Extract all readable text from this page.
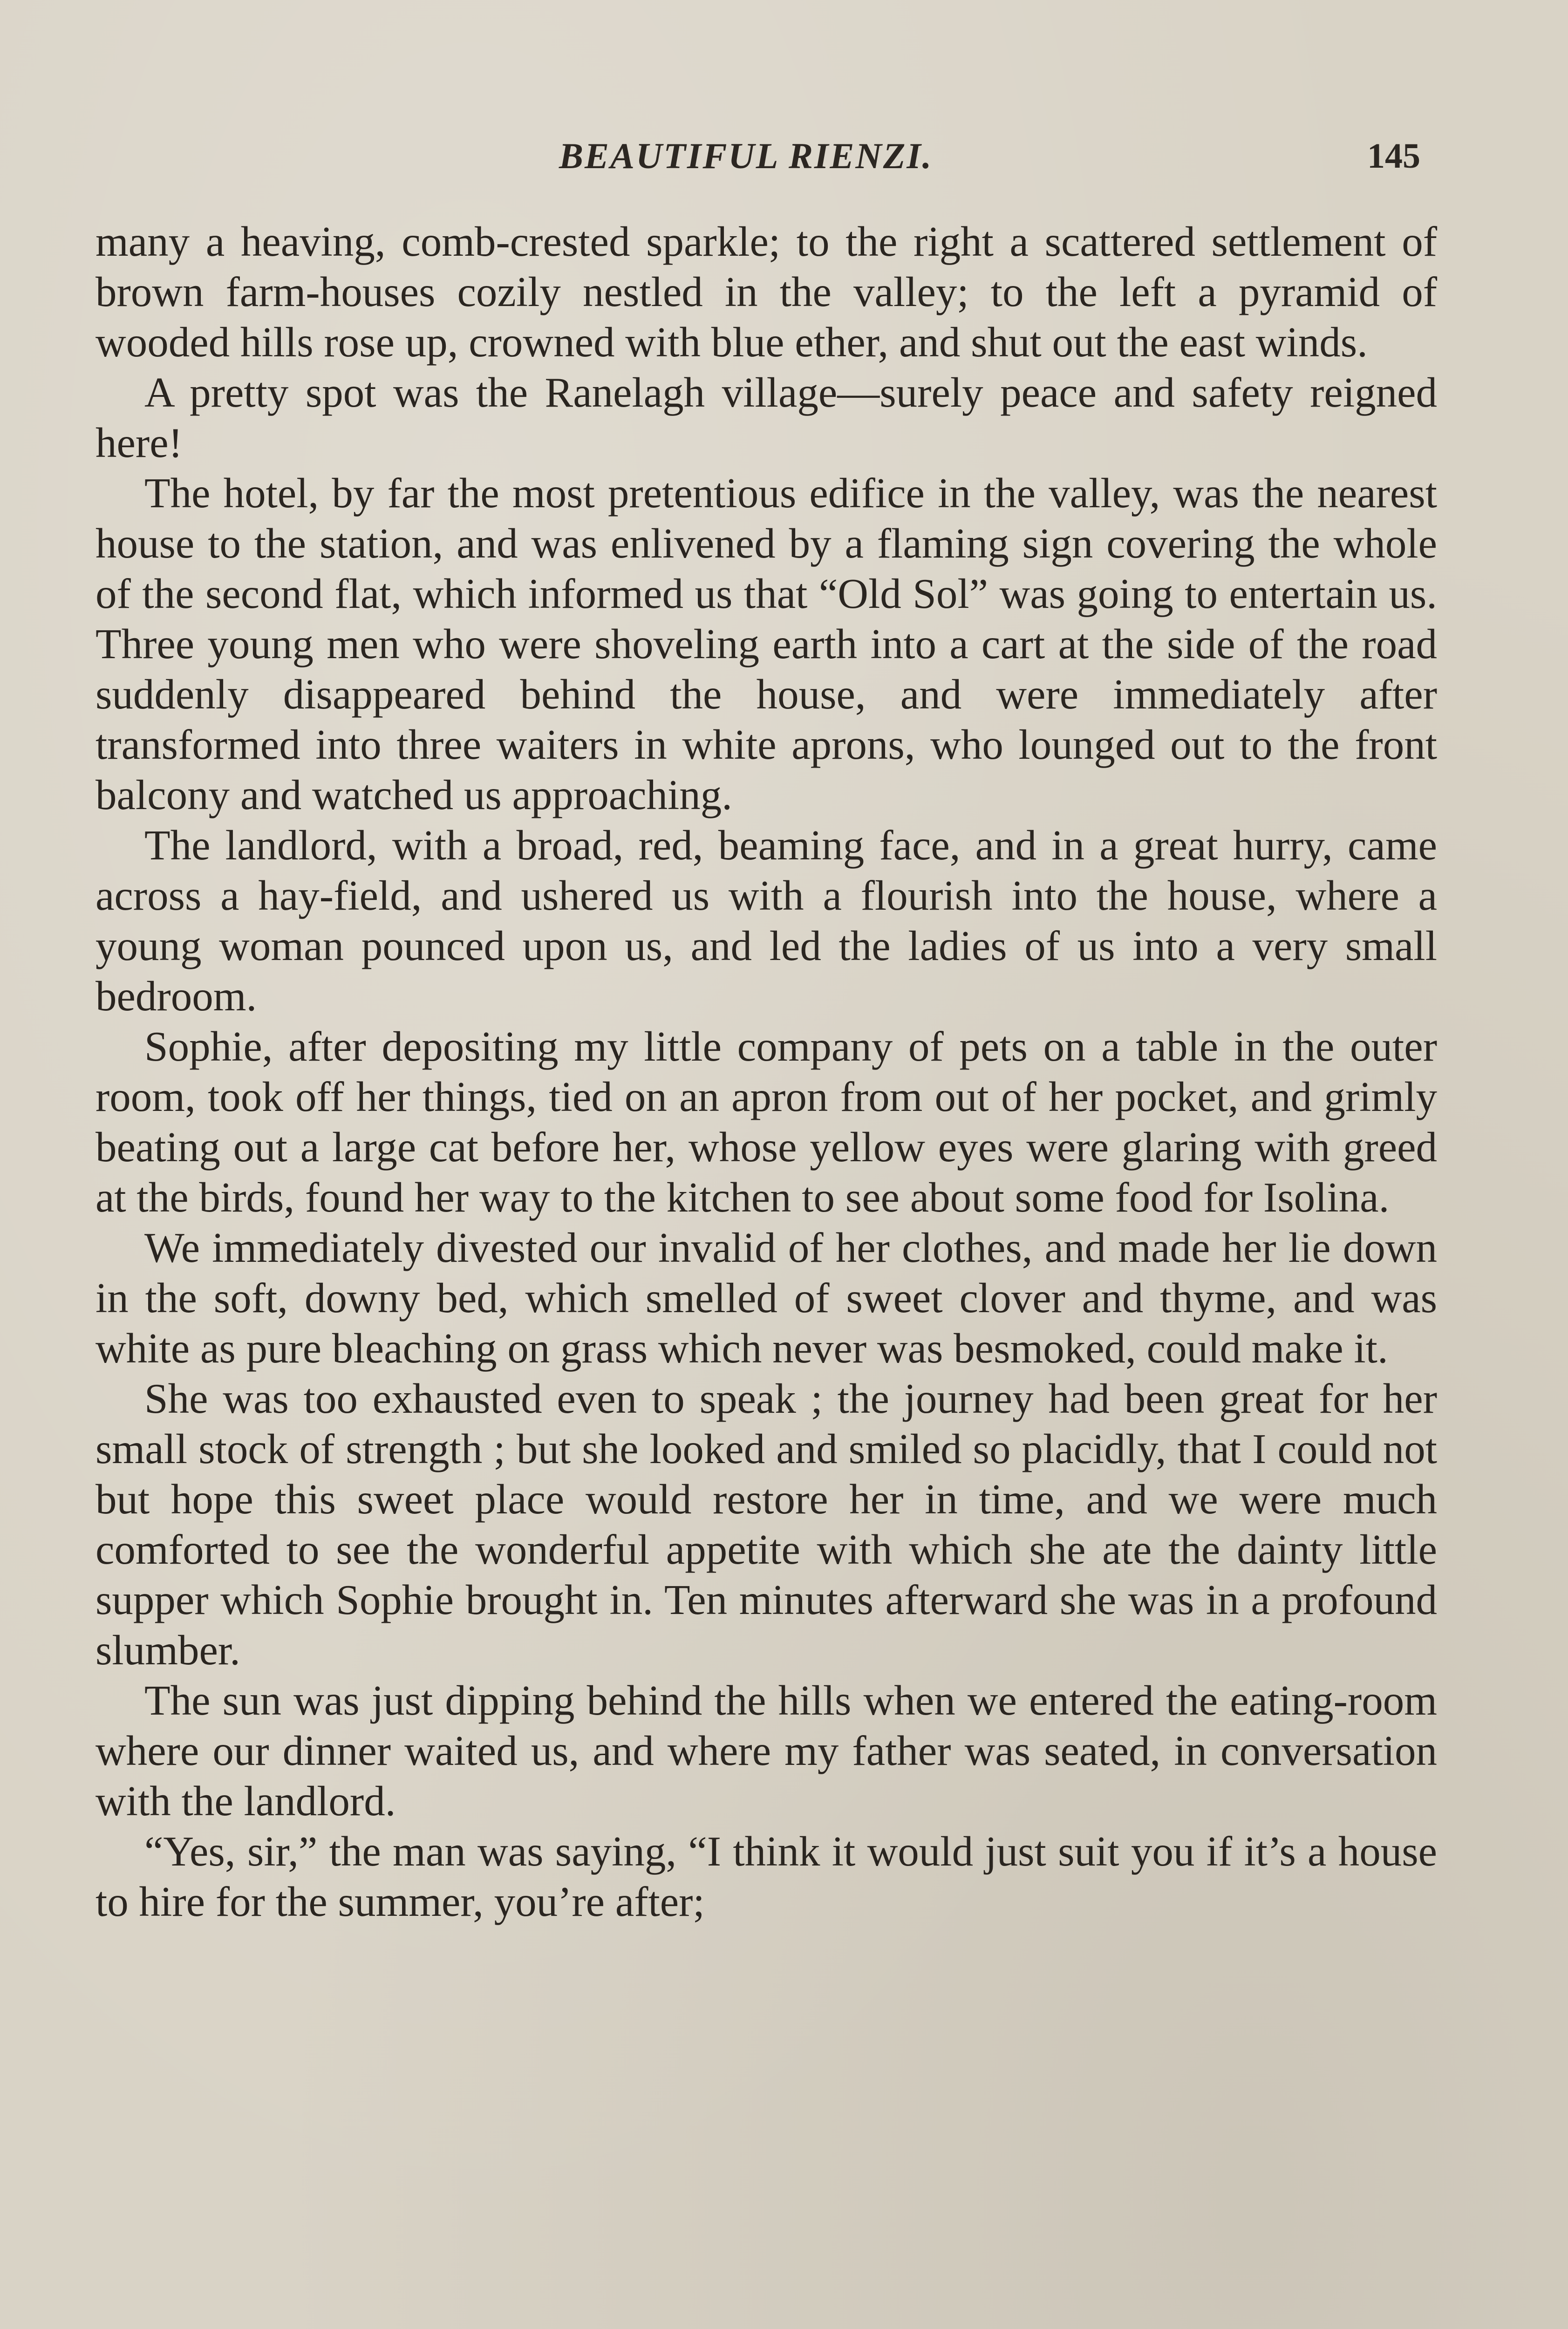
BEAUTIFUL RIENZI.	145

many a heaving, comb-crested sparkle; to the right a scattered settlement of brown farm-houses cozily nestled in the valley; to the left a pyramid of wooded hills rose up, crowned with blue ether, and shut out the east winds.

A pretty spot was the Ranelagh village—surely peace and safety reigned here!

The hotel, by far the most pretentious edifice in the valley, was the nearest house to the station, and was enlivened by a flaming sign covering the whole of the second flat, which informed us that “Old Sol” was going to entertain us. Three young men who were shoveling earth into a cart at the side of the road suddenly disappeared behind the house, and were immediately after transformed into three waiters in white aprons, who lounged out to the front balcony and watched us approaching.

The landlord, with a broad, red, beaming face, and in a great hurry, came across a hay-field, and ushered us with a flourish into the house, where a young woman pounced upon us, and led the ladies of us into a very small bedroom.

Sophie, after depositing my little company of pets on a table in the outer room, took off her things, tied on an apron from out of her pocket, and grimly beating out a large cat before her, whose yellow eyes were glaring with greed at the birds, found her way to the kitchen to see about some food for Isolina.

We immediately divested our invalid of her clothes, and made her lie down in the soft, downy bed, which smelled of sweet clover and thyme, and was white as pure bleaching on grass which never was besmoked, could make it.

She was too exhausted even to speak ; the journey had been great for her small stock of strength ; but she looked and smiled so placidly, that I could not but hope this sweet place would restore her in time, and we were much comforted to see the wonderful appetite with which she ate the dainty little supper which Sophie brought in. Ten minutes afterward she was in a profound slumber.

The sun was just dipping behind the hills when we entered the eating-room where our dinner waited us, and where my father was seated, in conversation with the landlord.

“Yes, sir,” the man was saying, “I think it would just suit you if it’s a house to hire for the summer, you’re after;
